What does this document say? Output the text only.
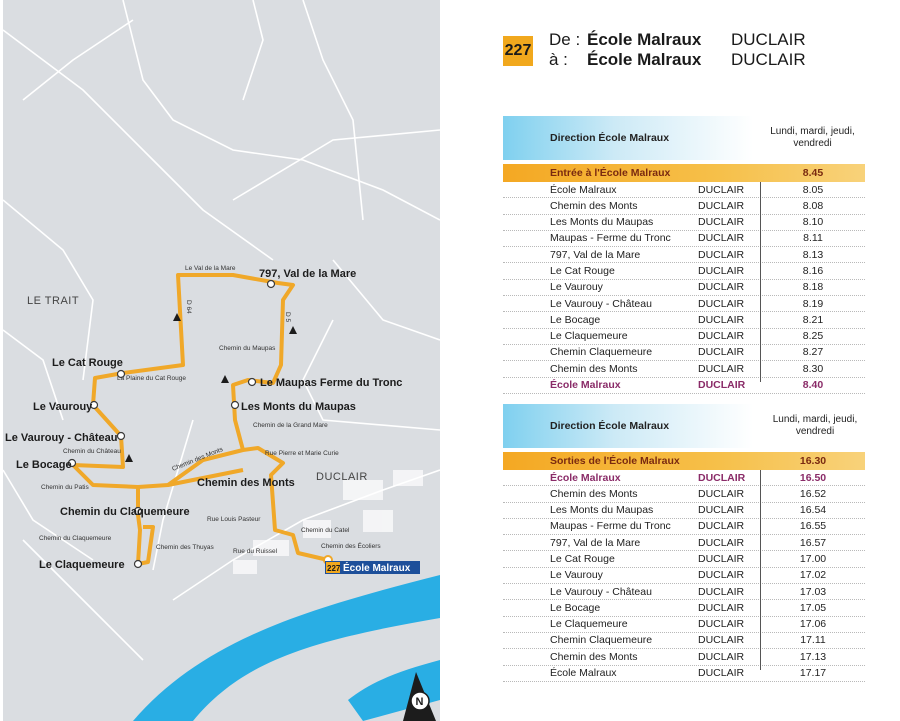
LE TRAIT
DUCLAIR
797, Val de la Mare
Le Cat Rouge
Le Maupas Ferme du Tronc
Le Vaurouy	Les Monts du Maupas
Le Vaurouy - Château
Le Bocage
Chemin des Monts
Chemin du Claquemeure
Le Claquemeure
Le Val de la Mare
D 64
D 5
Chemin du Maupas
La Plaine du Cat Rouge
Chemin de la Grand Mare
Chemin du Château	Chemin des Monts	Rue Pierre et Marie Curie
Chemin du Patis
Rue Louis Pasteur
Chemin du Catel
Chemin des Écoliers
Chemin du Claquemeure
Chemin des Thuyas
Rue du Ruissel
227 École Malraux
N
227
De : École Malraux DUCLAIR
à : École Malraux DUCLAIR
Direction École Malraux
Lundi, mardi, jeudi, vendredi
Entrée à l'École Malraux	8.45
École Malraux	DUCLAIR	8.05
Chemin des Monts	DUCLAIR	8.08
Les Monts du Maupas	DUCLAIR	8.10
Maupas - Ferme du Tronc	DUCLAIR	8.11
797, Val de la Mare	DUCLAIR	8.13
Le Cat Rouge	DUCLAIR	8.16
Le Vaurouy	DUCLAIR	8.18
Le Vaurouy - Château	DUCLAIR	8.19
Le Bocage	DUCLAIR	8.21
Le Claquemeure	DUCLAIR	8.25
Chemin Claquemeure	DUCLAIR	8.27
Chemin des Monts	DUCLAIR	8.30
École Malraux	DUCLAIR	8.40
Direction École Malraux
Lundi, mardi, jeudi, vendredi
Sorties de l'École Malraux	16.30
École Malraux	DUCLAIR	16.50
Chemin des Monts	DUCLAIR	16.52
Les Monts du Maupas	DUCLAIR	16.54
Maupas - Ferme du Tronc	DUCLAIR	16.55
797, Val de la Mare	DUCLAIR	16.57
Le Cat Rouge	DUCLAIR	17.00
Le Vaurouy	DUCLAIR	17.02
Le Vaurouy - Château	DUCLAIR	17.03
Le Bocage	DUCLAIR	17.05
Le Claquemeure	DUCLAIR	17.06
Chemin Claquemeure	DUCLAIR	17.11
Chemin des Monts	DUCLAIR	17.13
École Malraux	DUCLAIR	17.17
